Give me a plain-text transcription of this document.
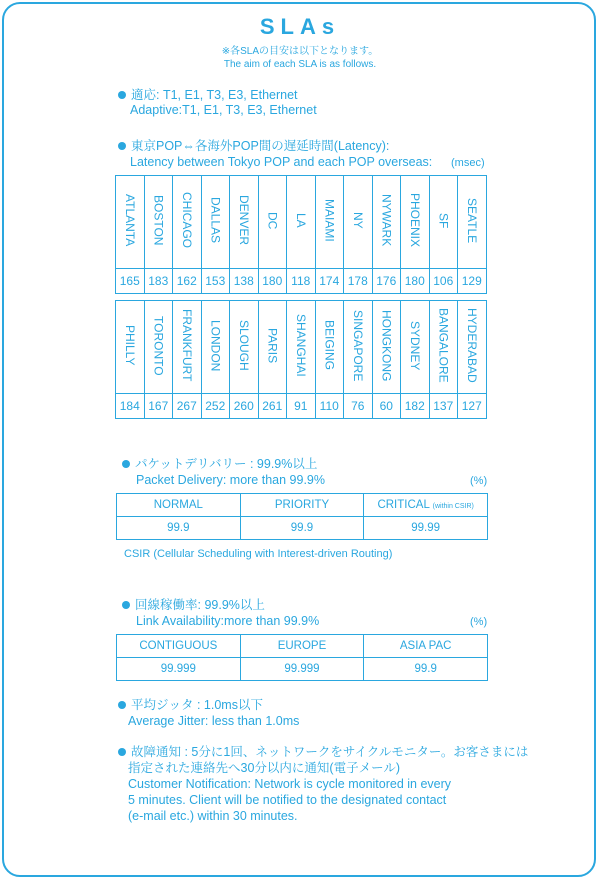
SLAs
※各SLAの目安は以下となります。
The aim of each SLA is as follows.
適応: T1, E1, T3, E3, Ethernet
Adaptive:T1, E1, T3, E3, Ethernet
東京POP⇔各海外POP間の遅延時間(Latency):
Latency between Tokyo POP and each POP overseas: (msec)
ATLANTA	BOSTON	CHICAGO	DALLAS	DENVER	DC	LA	MAIAMI	NY	NYWARK	PHOENIX	SF	SEATLE
165	183	162	153	138	180	118	174	178	176	180	106	129
PHILLY	TORONTO	FRANKFURT	LONDON	SLOUGH	PARIS	SHANGHAI	BEIGING	SINGAPORE	HONGKONG	SYDNEY	BANGALORE	HYDERABAD
184	167	267	252	260	261	91	110	76	60	182	137	127
パケットデリバリー : 99.9%以上
Packet Delivery: more than 99.9%	(%)
NORMAL	PRIORITY	CRITICAL (within CSIR)
99.9	99.9	99.99
CSIR (Cellular Scheduling with Interest-driven Routing)
回線稼働率: 99.9%以上
Link Availability:more than 99.9%	(%)
CONTIGUOUS	EUROPE	ASIA PAC
99.999	99.999	99.9
平均ジッタ : 1.0ms以下
Average Jitter: less than 1.0ms
故障通知 : 5分に1回、ネットワークをサイクルモニター。お客さまには
指定された連絡先へ30分以内に通知(電子メール)
Customer Notification: Network is cycle monitored in every
5 minutes. Client will be notified to the designated contact
(e-mail etc.) within 30 minutes.
